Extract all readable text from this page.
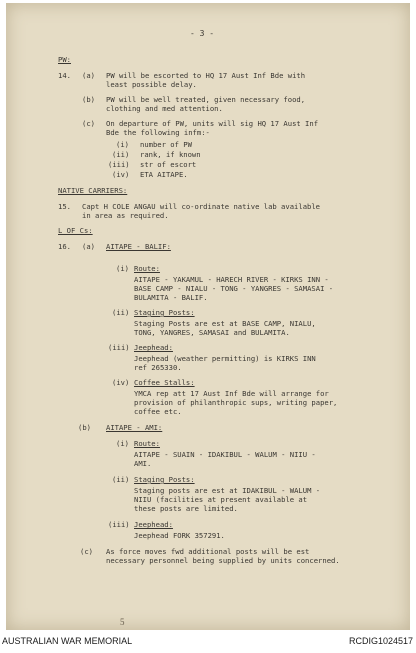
- 3 -
PW:
14. (a) PW will be escorted to HQ 17 Aust Inf Bde with
least possible delay.
(b) PW will be well treated, given necessary food,
clothing and med attention.
(c) On departure of PW, units will sig HQ 17 Aust Inf
Bde the following infm:-
(i) number of PW
(ii) rank, if known
(iii) str of escort
(iv) ETA AITAPE.
NATIVE CARRIERS:
15. Capt H COLE ANGAU will co-ordinate native lab available
in area as required.
L OF Cs:
16. (a) AITAPE - BALIF:
(i) Route:
AITAPE - YAKAMUL - HARECH RIVER - KIRKS INN -
BASE CAMP - NIALU - TONG - YANGRES - SAMASAI -
BULAMITA - BALIF.
(ii) Staging Posts:
Staging Posts are est at BASE CAMP, NIALU,
TONG, YANGRES, SAMASAI and BULAMITA.
(iii) Jeephead:
Jeephead (weather permitting) is KIRKS INN
ref 265330.
(iv) Coffee Stalls:
YMCA rep att 17 Aust Inf Bde will arrange for
provision of philanthropic sups, writing paper,
coffee etc.
(b) AITAPE - AMI:
(i) Route:
AITAPE - SUAIN - IDAKIBUL - WALUM - NIIU -
AMI.
(ii) Staging Posts:
Staging posts are est at IDAKIBUL - WALUM -
NIIU (facilities at present available at
these posts are limited.
(iii) Jeephead:
Jeephead FORK 357291.
(c) As force moves fwd additional posts will be est
necessary personnel being supplied by units concerned.
5
AUSTRALIAN WAR MEMORIAL	RCDIG1024517
